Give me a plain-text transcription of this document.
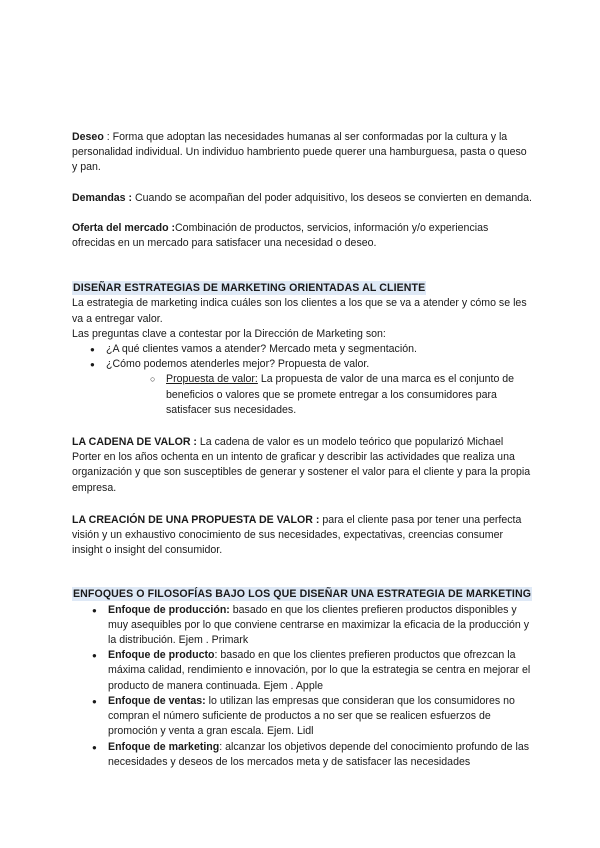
Deseo : Forma que adoptan las necesidades humanas al ser conformadas por la cultura y la personalidad individual. Un individuo hambriento puede querer una hamburguesa, pasta o queso y pan.

Demandas : Cuando se acompañan del poder adquisitivo, los deseos se convierten en demanda.

Oferta del mercado :Combinación de productos, servicios, información y/o experiencias ofrecidas en un mercado para satisfacer una necesidad o deseo.

DISEÑAR ESTRATEGIAS DE MARKETING ORIENTADAS AL CLIENTE

La estrategia de marketing indica cuáles son los clientes a los que se va a atender y cómo se les va a entregar valor.

Las preguntas clave a contestar por la Dirección de Marketing son:

● ¿A qué clientes vamos a atender? Mercado meta y segmentación.
● ¿Cómo podemos atenderles mejor? Propuesta de valor.
○ Propuesta de valor: La propuesta de valor de una marca es el conjunto de beneficios o valores que se promete entregar a los consumidores para satisfacer sus necesidades.

LA CADENA DE VALOR : La cadena de valor es un modelo teórico que popularizó Michael Porter en los años ochenta en un intento de graficar y describir las actividades que realiza una organización y que son susceptibles de generar y sostener el valor para el cliente y para la propia empresa.

LA CREACIÓN DE UNA PROPUESTA DE VALOR : para el cliente pasa por tener una perfecta visión y un exhaustivo conocimiento de sus necesidades, expectativas, creencias consumer insight o insight del consumidor.

ENFOQUES O FILOSOFÍAS BAJO LOS QUE DISEÑAR UNA ESTRATEGIA DE MARKETING

● Enfoque de producción: basado en que los clientes prefieren productos disponibles y muy asequibles por lo que conviene centrarse en maximizar la eficacia de la producción y la distribución. Ejem . Primark
● Enfoque de producto: basado en que los clientes prefieren productos que ofrezcan la máxima calidad, rendimiento e innovación, por lo que la estrategia se centra en mejorar el producto de manera continuada. Ejem . Apple
● Enfoque de ventas: lo utilizan las empresas que consideran que los consumidores no compran el número suficiente de productos a no ser que se realicen esfuerzos de promoción y venta a gran escala. Ejem. Lidl
● Enfoque de marketing: alcanzar los objetivos depende del conocimiento profundo de las necesidades y deseos de los mercados meta y de satisfacer las necesidades
